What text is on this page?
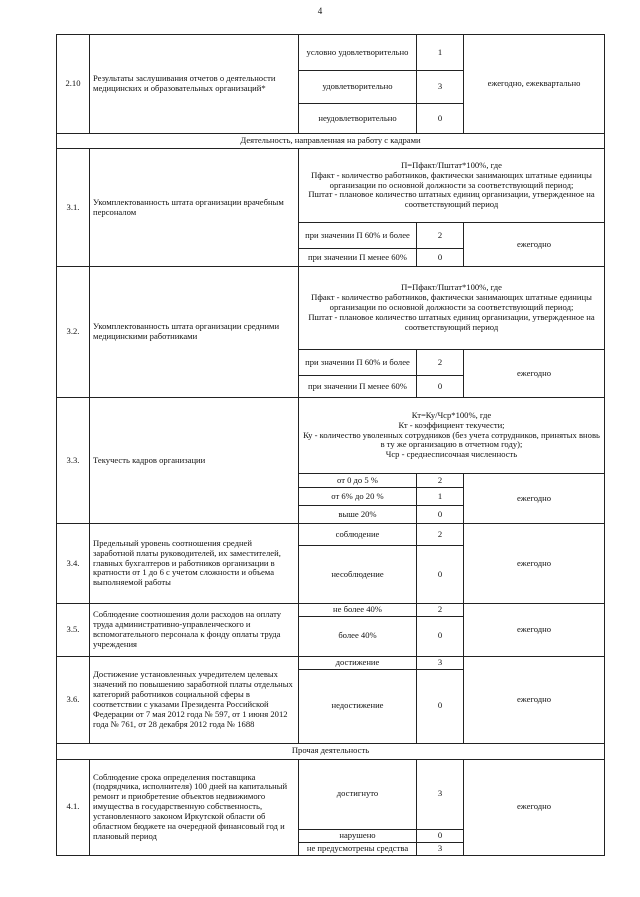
4
2.10	Результаты заслушивания отчетов о деятельности медицинских и образовательных организаций*	условно удовлетворительно	1	ежегодно, ежеквартально
		удовлетворительно	3	
		неудовлетворительно	0	
Деятельность, направленная на работу с кадрами				
3.1.	Укомплектованность штата организации врачебным персоналом	П=Пфакт/Пштат*100%, где
Пфакт - количество работников, фактически занимающих штатные единицы организации по основной должности за соответствующий период;
Пштат - плановое количество штатных единиц организации, утвержденное на соответствующий период		

		при значении П 60% и более	2	ежегодно
		при значении П менее 60%	0	
3.2.	Укомплектованность штата организации средними медицинскими работниками	П=Пфакт/Пштат*100%, где
Пфакт - количество работников, фактически занимающих штатные единицы организации по основной должности за соответствующий период;
Пштат - плановое количество штатных единиц организации, утвержденное на соответствующий период		

		при значении П 60% и более	2	ежегодно
		при значении П менее 60%	0	
3.3.	Текучесть кадров организации	Кт=Ку/Чср*100%, где
Кт - коэффициент текучести;
Ку - количество уволенных сотрудников (без учета сотрудников, принятых вновь в ту же организацию в отчетном году);
Чср - среднесписочная численность		

		от 0 до 5 %	2	ежегодно
		от 6% до 20 %	1	
		выше 20%	0	
3.4.	Предельный уровень соотношения средней заработной платы руководителей, их заместителей, главных бухгалтеров и работников организации в кратности от 1 до 6 с учетом сложности и объема выполняемой работы	соблюдение	2	ежегодно
		несоблюдение	0	
3.5.	Соблюдение соотношения доли расходов на оплату труда административно-управленческого и вспомогательного персонала к фонду оплаты труда учреждения	не более 40%	2	ежегодно
		более 40%	0	
3.6.	Достижение установленных учредителем целевых значений по повышению заработной платы отдельных категорий работников социальной сферы в соответствии с указами Президента Российской Федерации от 7 мая 2012 года № 597, от 1 июня 2012 года № 761, от 28 декабря 2012 года № 1688	достижение	3	ежегодно
		недостижение	0	
Прочая деятельность				
4.1.	Соблюдение срока определения поставщика (подрядчика, исполнителя) 100 дней на капитальный ремонт и приобретение объектов недвижимого имущества в государственную собственность, установленного законом Иркутской области об областном бюджете на очередной финансовый год и плановый период	достигнуто	3	ежегодно
		нарушено	0	
		не предусмотрены средства	3	
